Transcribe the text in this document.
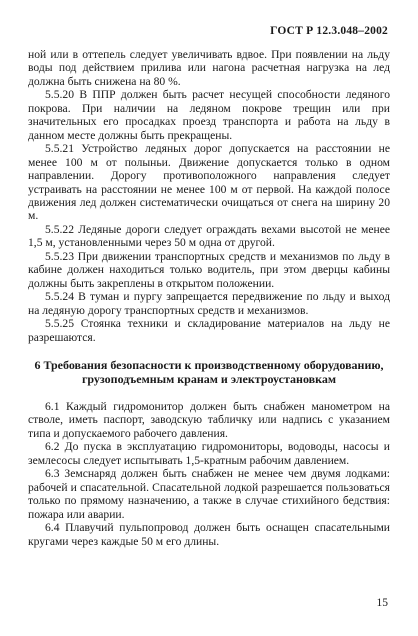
ГОСТ Р 12.3.048–2002

ной или в оттепель следует увеличивать вдвое. При появлении на льду воды под действием прилива или нагона расчетная нагрузка на лед должна быть снижена на 80 %.

5.5.20 В ППР должен быть расчет несущей способности ледяного покрова. При наличии на ледяном покрове трещин или при значительных его просадках проезд транспорта и работа на льду в данном месте должны быть прекращены.

5.5.21 Устройство ледяных дорог допускается на расстоянии не менее 100 м от полыньи. Движение допускается только в одном направлении. Дорогу противоположного направления следует устраивать на расстоянии не менее 100 м от первой. На каждой полосе движения лед должен систематически очищаться от снега на ширину 20 м.

5.5.22 Ледяные дороги следует ограждать вехами высотой не менее 1,5 м, установленными через 50 м одна от другой.

5.5.23 При движении транспортных средств и механизмов по льду в кабине должен находиться только водитель, при этом дверцы кабины должны быть закреплены в открытом положении.

5.5.24 В туман и пургу запрещается передвижение по льду и выход на ледяную дорогу транспортных средств и механизмов.

5.5.25 Стоянка техники и складирование материалов на льду не разрешаются.

6 Требования безопасности к производственному оборудованию,
грузоподъемным кранам и электроустановкам

6.1 Каждый гидромонитор должен быть снабжен манометром на стволе, иметь паспорт, заводскую табличку или надпись с указанием типа и допускаемого рабочего давления.

6.2 До пуска в эксплуатацию гидромониторы, водоводы, насосы и землесосы следует испытывать 1,5-кратным рабочим давлением.

6.3 Земснаряд должен быть снабжен не менее чем двумя лодками: рабочей и спасательной. Спасательной лодкой разрешается пользоваться только по прямому назначению, а также в случае стихийного бедствия: пожара или аварии.

6.4 Плавучий пульпопровод должен быть оснащен спасательными кругами через каждые 50 м его длины.

15
